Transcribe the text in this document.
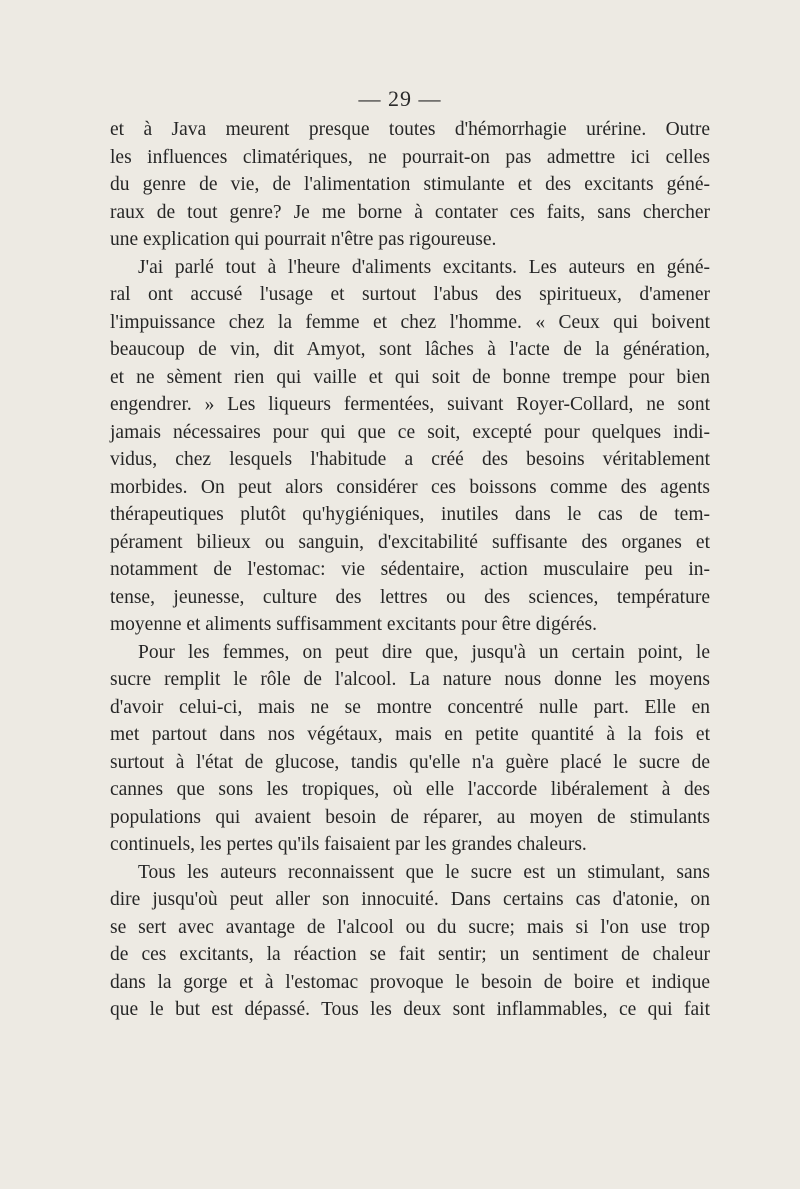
— 29 —
et à Java meurent presque toutes d'hémorrhagie urérine. Outre
les influences climatériques, ne pourrait-on pas admettre ici celles
du genre de vie, de l'alimentation stimulante et des excitants géné-
raux de tout genre? Je me borne à contater ces faits, sans chercher
une explication qui pourrait n'être pas rigoureuse.
J'ai parlé tout à l'heure d'aliments excitants. Les auteurs en géné-
ral ont accusé l'usage et surtout l'abus des spiritueux, d'amener
l'impuissance chez la femme et chez l'homme. « Ceux qui boivent
beaucoup de vin, dit Amyot, sont lâches à l'acte de la génération,
et ne sèment rien qui vaille et qui soit de bonne trempe pour bien
engendrer. » Les liqueurs fermentées, suivant Royer-Collard, ne sont
jamais nécessaires pour qui que ce soit, excepté pour quelques indi-
vidus, chez lesquels l'habitude a créé des besoins véritablement
morbides. On peut alors considérer ces boissons comme des agents
thérapeutiques plutôt qu'hygiéniques, inutiles dans le cas de tem-
pérament bilieux ou sanguin, d'excitabilité suffisante des organes et
notamment de l'estomac: vie sédentaire, action musculaire peu in-
tense, jeunesse, culture des lettres ou des sciences, température
moyenne et aliments suffisamment excitants pour être digérés.
Pour les femmes, on peut dire que, jusqu'à un certain point, le
sucre remplit le rôle de l'alcool. La nature nous donne les moyens
d'avoir celui-ci, mais ne se montre concentré nulle part. Elle en
met partout dans nos végétaux, mais en petite quantité à la fois et
surtout à l'état de glucose, tandis qu'elle n'a guère placé le sucre de
cannes que sons les tropiques, où elle l'accorde libéralement à des
populations qui avaient besoin de réparer, au moyen de stimulants
continuels, les pertes qu'ils faisaient par les grandes chaleurs.
Tous les auteurs reconnaissent que le sucre est un stimulant, sans
dire jusqu'où peut aller son innocuité. Dans certains cas d'atonie, on
se sert avec avantage de l'alcool ou du sucre; mais si l'on use trop
de ces excitants, la réaction se fait sentir; un sentiment de chaleur
dans la gorge et à l'estomac provoque le besoin de boire et indique
que le but est dépassé. Tous les deux sont inflammables, ce qui fait
